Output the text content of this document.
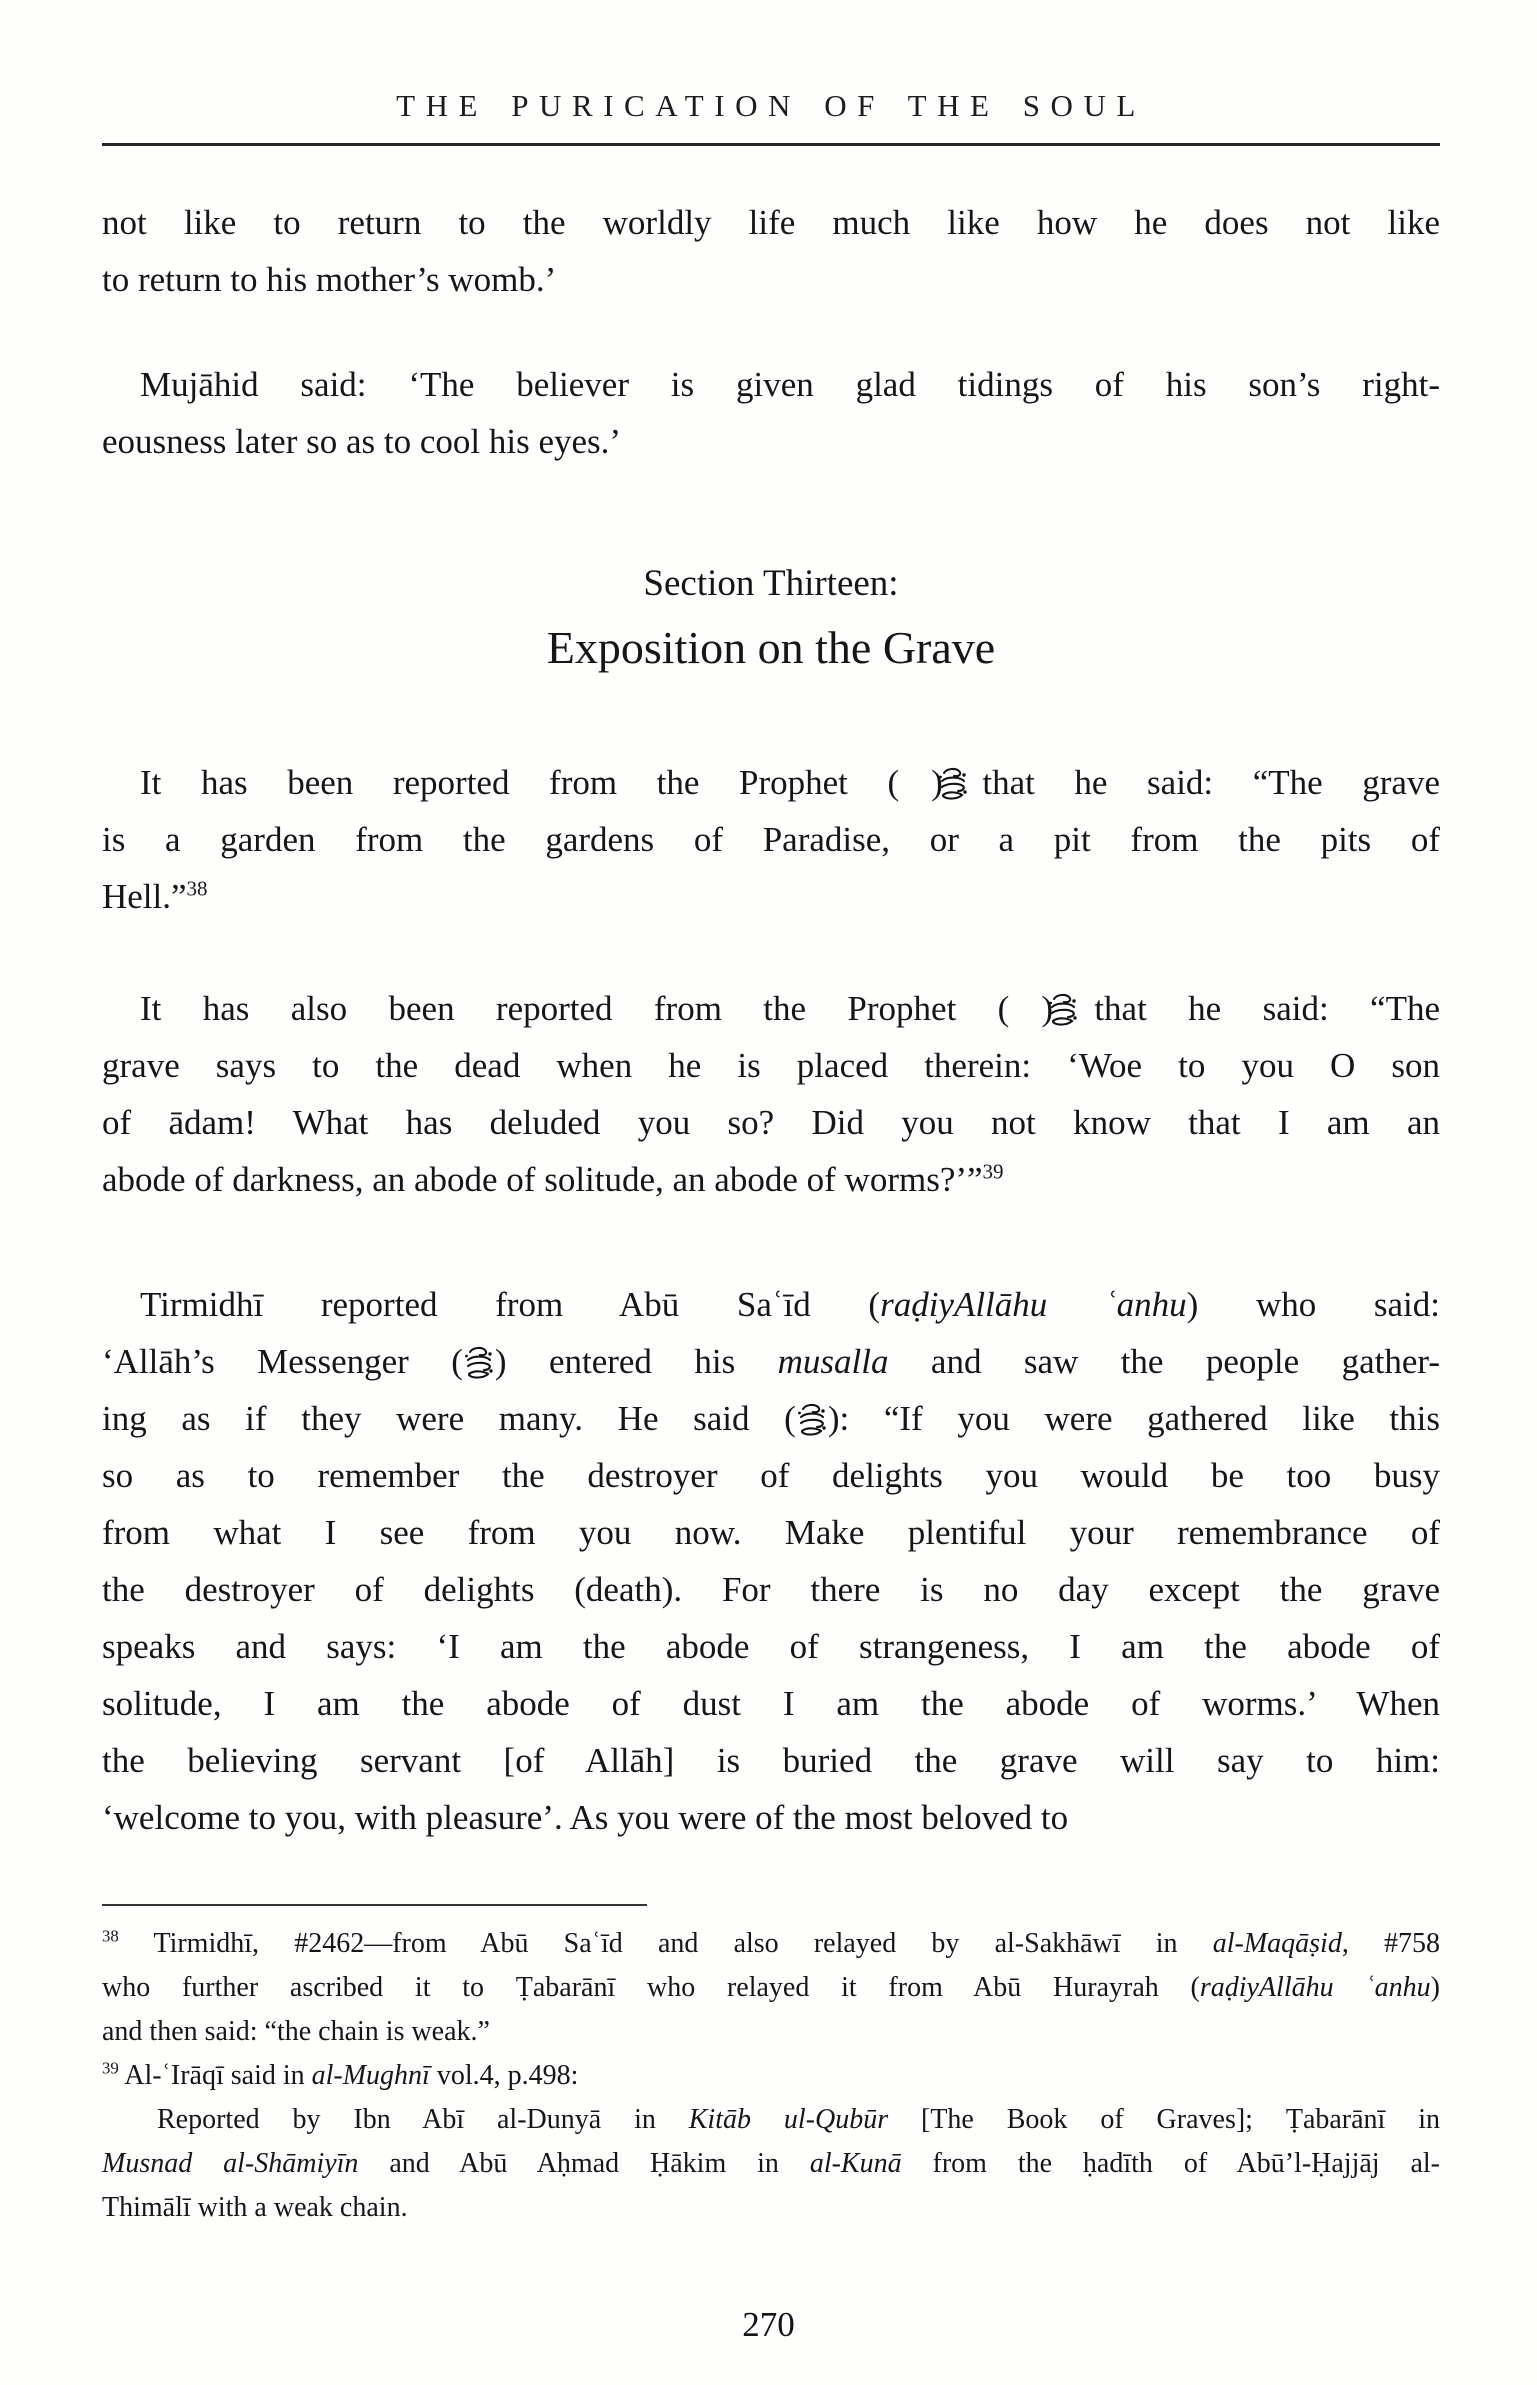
THE PURICATION OF THE SOUL
not like to return to the worldly life much like how he does not like
to return to his mother’s womb.’
Mujāhid said: ‘The believer is given glad tidings of his son’s right-
eousness later so as to cool his eyes.’
Section Thirteen:
Exposition on the Grave
It has been reported from the Prophet ( ) that he said: “The grave
is a garden from the gardens of Paradise, or a pit from the pits of
Hell.”$^{38}$
It has also been reported from the Prophet ( ) that he said: “The
grave says to the dead when he is placed therein: ‘Woe to you O son
of ādam! What has deluded you so? Did you not know that I am an
abode of darkness, an abode of solitude, an abode of worms?’”$^{39}$
Tirmidhī reported from Abū Saʿīd (raḍiyAllāhu ʿanhu) who said:
‘Allāh’s Messenger ( ) entered his musalla and saw the people gather-
ing as if they were many. He said ( ): “If you were gathered like this
so as to remember the destroyer of delights you would be too busy
from what I see from you now. Make plentiful your remembrance of
the destroyer of delights (death). For there is no day except the grave
speaks and says: ‘I am the abode of strangeness, I am the abode of
solitude, I am the abode of dust I am the abode of worms.’ When
the believing servant [of Allāh] is buried the grave will say to him:
‘welcome to you, with pleasure’. As you were of the most beloved to
$^{38}$ Tirmidhī, #2462—from Abū Saʿīd and also relayed by al-Sakhāwī in al-Maqāṣid, #758
who further ascribed it to Ṭabarānī who relayed it from Abū Hurayrah (raḍiyAllāhu ʿanhu)
and then said: “the chain is weak.”
$^{39}$ Al-ʿIrāqī said in al-Mughnī vol.4, p.498:
Reported by Ibn Abī al-Dunyā in Kitāb ul-Qubūr [The Book of Graves]; Ṭabarānī in
Musnad al-Shāmiyīn and Abū Aḥmad Ḥākim in al-Kunā from the ḥadīth of Abū’l-Ḥajjāj al-
Thimālī with a weak chain.
270
